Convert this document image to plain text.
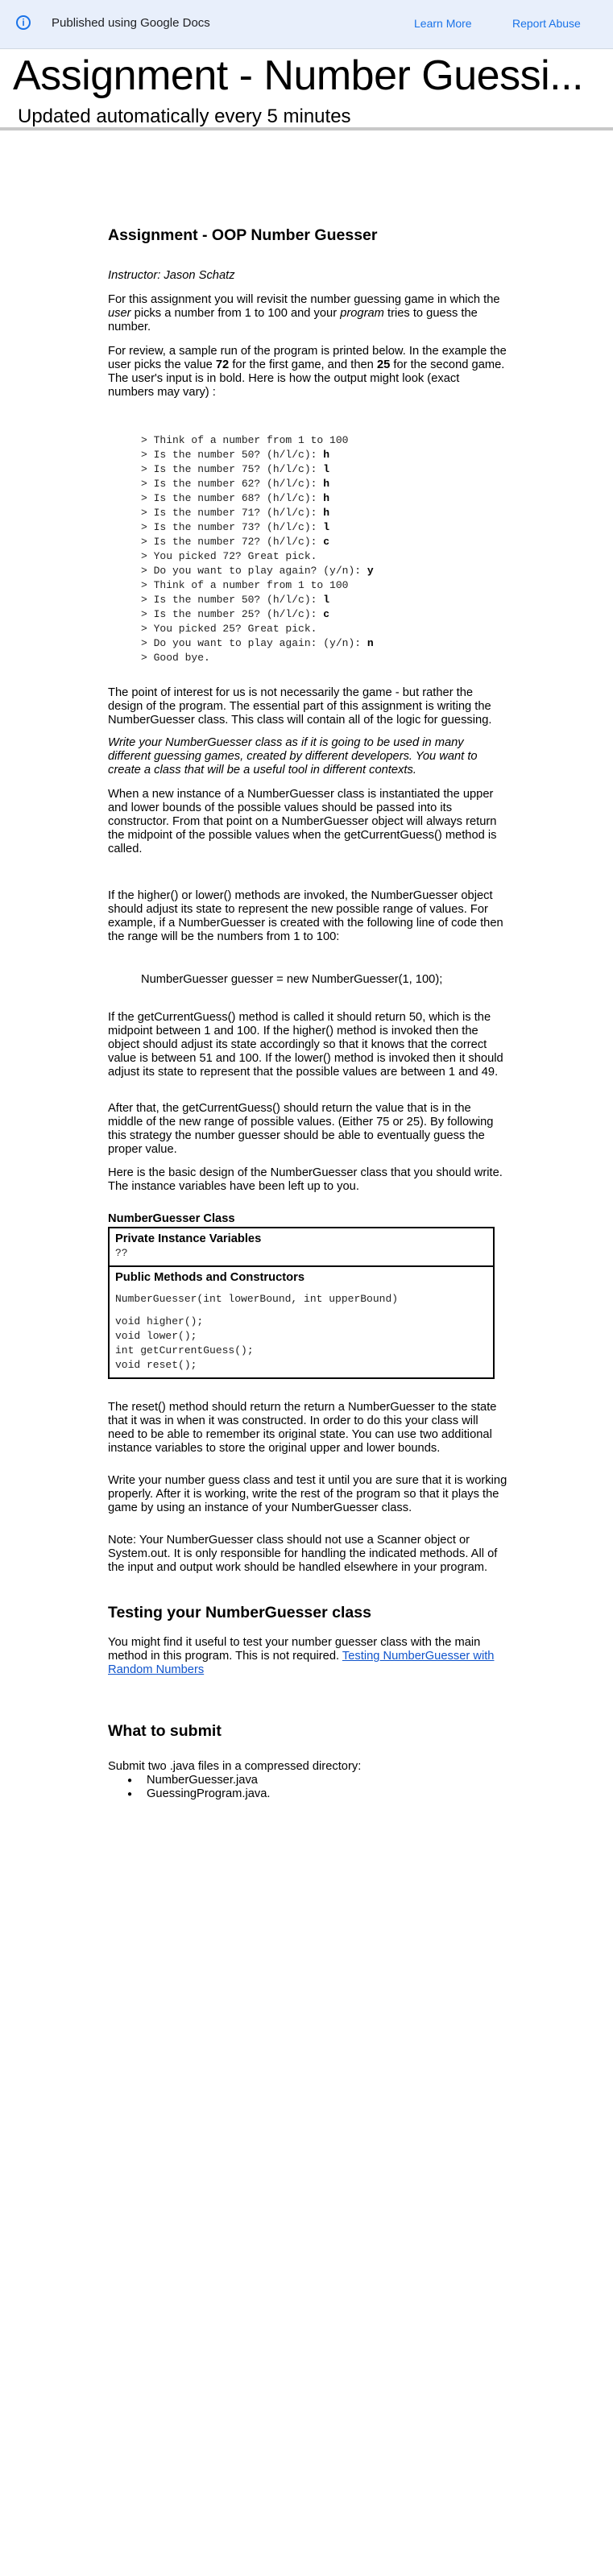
i	Published using Google Docs	Learn More	Report Abuse
Assignment - Number Guessi...
Updated automatically every 5 minutes
Assignment - OOP Number Guesser

Instructor: Jason Schatz

For this assignment you will revisit the number guessing game in which the user picks a number from 1 to 100 and your program tries to guess the number.

For review, a sample run of the program is printed below. In the example the user picks the value 72 for the first game, and then 25 for the second game. The user's input is in bold. Here is how the output might look (exact numbers may vary) :

> Think of a number from 1 to 100
> Is the number 50? (h/l/c): h
> Is the number 75? (h/l/c): l
> Is the number 62? (h/l/c): h
> Is the number 68? (h/l/c): h
> Is the number 71? (h/l/c): h
> Is the number 73? (h/l/c): l
> Is the number 72? (h/l/c): c
> You picked 72? Great pick.
> Do you want to play again? (y/n): y
> Think of a number from 1 to 100
> Is the number 50? (h/l/c): l
> Is the number 25? (h/l/c): c
> You picked 25? Great pick.
> Do you want to play again: (y/n): n
> Good bye.

The point of interest for us is not necessarily the game - but rather the design of the program. The essential part of this assignment is writing the NumberGuesser class. This class will contain all of the logic for guessing.

Write your NumberGuesser class as if it is going to be used in many different guessing games, created by different developers. You want to create a class that will be a useful tool in different contexts.

When a new instance of a NumberGuesser class is instantiated the upper and lower bounds of the possible values should be passed into its constructor. From that point on a NumberGuesser object will always return the midpoint of the possible values when the getCurrentGuess() method is called.

If the higher() or lower() methods are invoked, the NumberGuesser object should adjust its state to represent the new possible range of values. For example, if a NumberGuesser is created with the following line of code then the range will be the numbers from 1 to 100:

NumberGuesser guesser = new NumberGuesser(1, 100);

If the getCurrentGuess() method is called it should return 50, which is the midpoint between 1 and 100. If the higher() method is invoked then the object should adjust its state accordingly so that it knows that the correct value is between 51 and 100. If the lower() method is invoked then it should adjust its state to represent that the possible values are between 1 and 49.

After that, the getCurrentGuess() should return the value that is in the middle of the new range of possible values. (Either 75 or 25). By following this strategy the number guesser should be able to eventually guess the proper value.

Here is the basic design of the NumberGuesser class that you should write. The instance variables have been left up to you.

NumberGuesser Class

Private Instance Variables
??
Public Methods and Constructors
NumberGuesser(int lowerBound, int upperBound)
void higher();
void lower();
int getCurrentGuess();
void reset();

The reset() method should return the return a NumberGuesser to the state that it was in when it was constructed. In order to do this your class will need to be able to remember its original state. You can use two additional instance variables to store the original upper and lower bounds.

Write your number guess class and test it until you are sure that it is working properly. After it is working, write the rest of the program so that it plays the game by using an instance of your NumberGuesser class.

Note: Your NumberGuesser class should not use a Scanner object or System.out. It is only responsible for handling the indicated methods. All of the input and output work should be handled elsewhere in your program.

Testing your NumberGuesser class

You might find it useful to test your number guesser class with the main method in this program. This is not required. Testing NumberGuesser with Random Numbers

What to submit
Submit two .java files in a compressed directory:
● NumberGuesser.java
● GuessingProgram.java.
